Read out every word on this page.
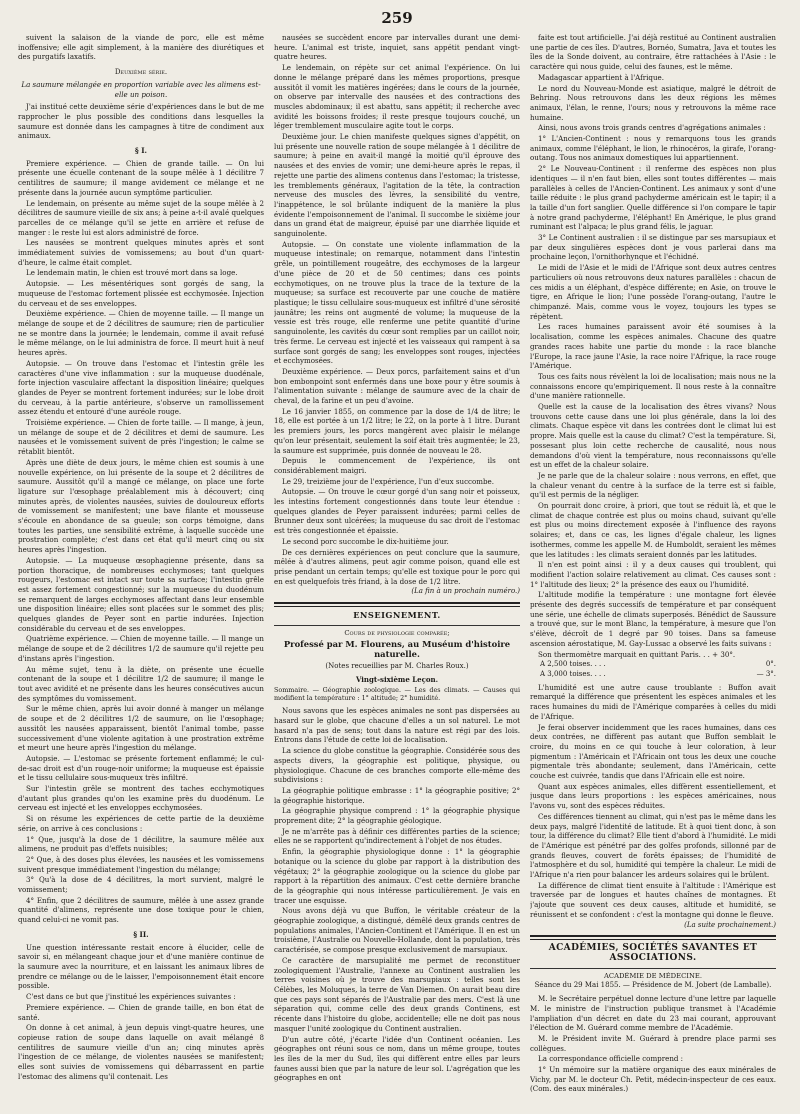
259

suivent la salaison de la viande de porc, elle est même inoffensive; elle agit simplement, à la manière des diurétiques et des purgatifs laxatifs.

Deuxième série.
La saumure mélangée en proportion variable avec les alimens est-elle un poison.

J'ai institué cette deuxième série d'expériences dans le but de me rapprocher le plus possible des conditions dans lesquelles la saumure est donnée dans les campagnes à titre de condiment aux animaux.

§ I.

Premiere expérience. — Chien de grande taille. — On lui présente une écuelle contenant de la soupe mêlée à 1 décilitre 7 centilitres de saumure; il mange avidement ce mélange et ne présente dans la journée aucun symptôme particulier.

Le lendemain, on présente au même sujet de la soupe mêlée à 2 décilitres de saumure vieille de six ans; à peine a-t-il avalé quelques parcelles de ce mélange qu'il se jette en arrière et refuse de manger : le reste lui est alors administré de force.

Les nausées se montrent quelques minutes après et sont immédiatement suivies de vomissemens; au bout d'un quart-d'heure, le calme était complet.

Le lendemain matin, le chien est trouvé mort dans sa loge.

Autopsie. — Les mésentériques sont gorgés de sang, la muqueuse de l'estomac fortement plissée est ecchymosée. Injection du cerveau et de ses enveloppes.

Deuxième expérience. — Chien de moyenne taille. — Il mange un mélange de soupe et de 2 décilitres de saumure; rien de particulier ne se montre dans la journée; le lendemain, comme il avait refusé le même mélange, on le lui administra de force. Il meurt huit à neuf heures après.

Autopsie. — On trouve dans l'estomac et l'intestin grêle les caractères d'une vive inflammation : sur la muqueuse duodénale, forte injection vasculaire affectant la disposition linéaire; quelques glandes de Peyer se montrent fortement indurées; sur le lobe droit du cerveau, à la partie antérieure, s'observe un ramollissement assez étendu et entouré d'une auréole rouge.

Troisième expérience. — Chien de forte taille. — Il mange, à jeun, un mélange de soupe et de 2 décilitres et demi de saumure. Les nausées et le vomissement suivent de près l'ingestion; le calme se rétablit bientôt.

Après une diète de deux jours, le même chien est soumis à une nouvelle expérience, on lui présente de la soupe et 2 décilitres de saumure. Aussitôt qu'il a mangé ce mélange, on place une forte ligature sur l'œsophage préalablement mis à découvert; cinq minutes après, de violentes nausées, suivies de douloureux efforts de vomissement se manifestent; une bave filante et mousseuse s'écoule en abondance de sa gueule; son corps témoigne, dans toutes les parties, une sensibilité extrême, à laquelle succède une prostration complète; c'est dans cet état qu'il meurt cinq ou six heures après l'ingestion.

Autopsie. — La muqueuse œsophagienne présente, dans sa portion thoracique, de nombreuses ecchymoses; tant quelques rougeurs, l'estomac est intact sur toute sa surface; l'intestin grêle est assez fortement congestionné; sur la muqueuse du duodénum se remarquent de larges ecchymoses affectant dans leur ensemble une disposition linéaire; elles sont placées sur le sommet des plis; quelques glandes de Peyer sont en partie indurées. Injection considérable du cerveau et de ses enveloppes.

Quatrième expérience. — Chien de moyenne taille. — Il mange un mélange de soupe et de 2 décilitres 1/2 de saumure qu'il rejette peu d'instans après l'ingestion.

Au même sujet, tenu à la diète, on présente une écuelle contenant de la soupe et 1 décilitre 1/2 de saumure; il mange le tout avec avidité et ne présente dans les heures consécutives aucun des symptômes du vomissement.

Sur le même chien, après lui avoir donné à manger un mélange de soupe et de 2 décilitres 1/2 de saumure, on lie l'œsophage; aussitôt les nausées apparaissent, bientôt l'animal tombe, passe successivement d'une violente agitation à une prostration extrême et meurt une heure après l'ingestion du mélange.

Autopsie. — L'estomac se présente fortement enflammé; le cul-de-sac droit est d'un rouge-noir uniforme; la muqueuse est épaissie et le tissu cellulaire sous-muqueux très infiltré.

Sur l'intestin grêle se montrent des taches ecchymotiques d'autant plus grandes qu'on les examine près du duodénum. Le cerveau est injecté et les enveloppes ecchymosées.

Si on résume les expériences de cette partie de la deuxième série, on arrive à ces conclusions :

1° Que, jusqu'à la dose de 1 décilitre, la saumure mêlée aux alimens, ne produit pas d'effets nuisibles;

2° Que, à des doses plus élevées, les nausées et les vomissemens suivent presque immédiatement l'ingestion du mélange;

3° Qu'à la dose de 4 décilitres, la mort survient, malgré le vomissement;

4° Enfin, que 2 décilitres de saumure, mêlée à une assez grande quantité d'alimens, représente une dose toxique pour le chien, quand celui-ci ne vomit pas.

§ II.

Une question intéressante restait encore à élucider, celle de savoir si, en mélangeant chaque jour et d'une manière continue de la saumure avec la nourriture, et en laissant les animaux libres de prendre ce mélange ou de le laisser, l'empoisonnement était encore possible.

C'est dans ce but que j'institué les expériences suivantes :

Premiere expérience. — Chien de grande taille, en bon état de santé.

On donne à cet animal, à jeun depuis vingt-quatre heures, une copieuse ration de soupe dans laquelle on avait mélangé 8 centilitres de saumure vieille d'un an; cinq minutes après l'ingestion de ce mélange, de violentes nausées se manifestent; elles sont suivies de vomissemens qui débarrassent en partie l'estomac des alimens qu'il contenait. Les

nausées se succèdent encore par intervalles durant une demi-heure. L'animal est triste, inquiet, sans appétit pendant vingt-quatre heures.

Le lendemain, on répète sur cet animal l'expérience. On lui donne le mélange préparé dans les mêmes proportions, presque aussitôt il vomit les matières ingérées; dans le cours de la journée, on observe par intervalle des nausées et des contractions des muscles abdominaux; il est abattu, sans appétit; il recherche avec avidité les boissons froides; il reste presque toujours couché, un léger tremblement musculaire agite tout le corps.

Deuxième jour. Le chien manifeste quelques signes d'appétit, on lui présente une nouvelle ration de soupe mélangée à 1 décilitre de saumure; à peine en avait-il mangé la moitié qu'il éprouve des nausées et des envies de vomir; une demi-heure après le repas, il rejette une partie des alimens contenus dans l'estomac; la tristesse, les tremblements généraux, l'agitation de la tête, la contraction nerveuse des muscles des lèvres, la sensibilité du ventre, l'inappétence, le sol brûlante indiquent de la manière la plus évidente l'empoisonnement de l'animal. Il succombe le sixième jour dans un grand état de maigreur, épuisé par une diarrhée liquide et sanguinolente.

Autopsie. — On constate une violente inflammation de la muqueuse intestinale; on remarque, notamment dans l'intestin grêle, un pointillement rougeâtre, des ecchymoses de la largeur d'une pièce de 20 et de 50 centimes; dans ces points ecchymotiques, on ne trouve plus la trace de la texture de la muqueuse; sa surface est recouverte par une couche de matière plastique; le tissu cellulaire sous-muqueux est infiltré d'une sérosité jaunâtre; les reins ont augmenté de volume; la muqueuse de la vessie est très rouge, elle renferme une petite quantité d'urine sanguinolente, les cavités du cœur sont remplies par un caillot noir, très ferme. Le cerveau est injecté et les vaisseaux qui rampent à sa surface sont gorgés de sang; les enveloppes sont rouges, injectées et ecchymosées.

Deuxième expérience. — Deux porcs, parfaitement sains et d'un bon embonpoint sont enfermés dans une boxe pour y être soumis à l'alimentation suivante : mélange de saumure avec de la chair de cheval, de la farine et un peu d'avoine.

Le 16 janvier 1855, on commence par la dose de 1/4 de litre; le 18, elle est portée à un 1/2 litre; le 22, on la porte à 1 litre. Durant les premiers jours, les porcs mangèrent avec plaisir le mélange qu'on leur présentait, seulement la soif était très augmentée; le 23, la saumure est supprimée, puis donnée de nouveau le 28.

Depuis le commencement de l'expérience, ils ont considérablement maigri.

Le 29, treizième jour de l'expérience, l'un d'eux succombe.

Autopsie. — On trouve le cœur gorgé d'un sang noir et poisseux, les intestins fortement congestionnés dans toute leur étendue : quelques glandes de Peyer paraissent indurées; parmi celles de Brunner deux sont ulcérées; la muqueuse du sac droit de l'estomac est très congestionnée et épaissie.

Le second porc succombe le dix-huitième jour.

De ces dernières expériences on peut conclure que la saumure, mêlée à d'autres alimens, peut agir comme poison, quand elle est prise pendant un certain temps; qu'elle est toxique pour le porc qui en est quelquefois très friand, à la dose de 1/2 litre.

(La fin à un prochain numéro.)
ENSEIGNEMENT.
Cours de physiologie comparée;
Professé par M. Flourens, au Muséum d'histoire naturelle.
(Notes recueillies par M. Charles Roux.)
Vingt-sixième Leçon.
Sommaire. — Géographie zoologique. — Les des climats. — Causes qui modifient la température : 1° altitude; 2° humidité.

Nous savons que les espèces animales ne sont pas dispersées au hasard sur le globe, que chacune d'elles a un sol naturel. Le mot hasard n'a pas de sens; tout dans la nature est régi par des lois. Entrons dans l'étude de cette loi de localisation.

La science du globe constitue la géographie. Considérée sous des aspects divers, la géographie est politique, physique, ou physiologique. Chacune de ces branches comporte elle-même des subdivisions :

La géographie politique embrasse : 1° la géographie positive; 2° la géographie historique.

La géographie physique comprend : 1° la géographie physique proprement dite; 2° la géographie géologique.

Je ne m'arrête pas à définir ces différentes parties de la science; elles ne se rapportent qu'indirectement à l'objet de nos études.

Enfin, la géographie physiologique donne : 1° la géographie botanique ou la science du globe par rapport à la distribution des végétaux; 2° la géographie zoologique ou la science du globe par rapport à la répartition des animaux. C'est cette dernière branche de la géographie qui nous intéresse particulièrement. Je vais en tracer une esquisse.

Nous avons déjà vu que Buffon, le véritable créateur de la géographie zoologique, a distingué, démêlé deux grands centres de populations animales, l'Ancien-Continent et l'Amérique. Il en est un troisième, l'Australie ou Nouvelle-Hollande, dont la population, très caractérisée, se compose presque exclusivement de marsupiaux.

Ce caractère de marsupialité me permet de reconstituer zoologiquement l'Australie, l'annexe au Continent australien les terres voisines où je trouve des marsupiaux : telles sont les Célèbes, les Moluques, la terre de Van Diemen. On aurait beau dire que ces pays sont séparés de l'Australie par des mers. C'est là une séparation qui, comme celle des deux grands Continens, est récente dans l'histoire du globe, accidentelle; elle ne doit pas nous masquer l'unité zoologique du Continent australien.

D'un autre côté, j'écarte l'idée d'un Continent océanien. Les géographes ont réuni sous ce nom, dans un même groupe, toutes les îles de la mer du Sud, îles qui diffèrent entre elles par leurs faunes aussi bien que par la nature de leur sol. L'agrégation que les géographes en ont

faite est tout artificielle. J'ai déjà restitué au Continent australien une partie de ces îles. D'autres, Bornéo, Sumatra, Java et toutes les îles de la Sonde doivent, au contraire, être rattachées à l'Asie : le caractère qui nous guide, celui des faunes, est le même.

Madagascar appartient à l'Afrique.

Le nord du Nouveau-Monde est asiatique, malgré le détroit de Behring. Nous retrouvons dans les deux régions les mêmes animaux, l'élan, le renne, l'ours; nous y retrouvons la même race humaine.

Ainsi, nous avons trois grands centres d'agrégations animales :

1° L'Ancien-Continent : nous y remarquons tous les grands animaux, comme l'éléphant, le lion, le rhinocéros, la girafe, l'orang-outang. Tous nos animaux domestiques lui appartiennent.

2° Le Nouveau-Continent : il renferme des espèces non plus identiques — il n'en faut bien, elles sont toutes différentes — mais parallèles à celles de l'Ancien-Continent. Les animaux y sont d'une taille réduite : le plus grand pachyderme américain est le tapir; il a la taille d'un fort sanglier. Quelle différence si l'on compare le tapir à notre grand pachyderme, l'éléphant! En Amérique, le plus grand ruminant est l'alpaca; le plus grand félis, le jaguar.

3° Le Continent australien : il se distingue par ses marsupiaux et par deux singulières espèces dont je vous parlerai dans ma prochaine leçon, l'ornithorhynque et l'échidné.

Le midi de l'Asie et le midi de l'Afrique sont deux autres centres particuliers où nous retrouvons deux natures parallèles : chacun de ces midis a un éléphant, d'espèce différente; en Asie, on trouve le tigre, en Afrique le lion; l'une possède l'orang-outang, l'autre le chimpanzé. Mais, comme vous le voyez, toujours les types se répètent.

Les races humaines paraissent avoir été soumises à la localisation, comme les espèces animales. Chacune des quatre grandes races habite une partie du monde : la race blanche l'Europe, la race jaune l'Asie, la race noire l'Afrique, la race rouge l'Amérique.

Tous ces faits nous révèlent la loi de localisation; mais nous ne la connaissons encore qu'empiriquement. Il nous reste à la connaître d'une manière rationnelle.

Quelle est la cause de la localisation des êtres vivans? Nous trouvons cette cause dans une loi plus générale, dans la loi des climats. Chaque espèce vit dans les contrées dont le climat lui est propre. Mais quelle est la cause du climat? C'est la température. Si, possesant plus loin cette recherche de causalité, nous nous demandons d'où vient la température, nous reconnaissons qu'elle est un effet de la chaleur solaire.

Je ne parle que de la chaleur solaire : nous verrons, en effet, que la chaleur venant du centre à la surface de la terre est si faible, qu'il est permis de la négliger.

On pourrait donc croire, à priori, que tout se réduit là, et que le climat de chaque contrée est plus ou moins chaud, suivant qu'elle est plus ou moins directement exposée à l'influence des rayons solaires; et, dans ce cas, les lignes d'égale chaleur, les lignes isothermes, comme les appelle M. de Humboldt, seraient les mêmes que les latitudes : les climats seraient donnés par les latitudes.

Il n'en est point ainsi : il y a deux causes qui troublent, qui modifient l'action solaire relativement au climat. Ces causes sont : 1° l'altitude des lieux; 2° la présence des eaux ou l'humidité.

L'altitude modifie la température : une montagne fort élevée présente des degrés successifs de température et par conséquent une série, une échelle de climats superposés. Bénédict de Saussure a trouvé que, sur le mont Blanc, la température, à mesure que l'on s'élève, décroît de 1 degré par 90 toises. Dans sa fameuse ascension aérostatique, M. Gay-Lussac a observé les faits suivans :

Son thermomètre marquait en quittant Paris. . . + 30°.

A 2,500 toises. . . .	0°.
A 3,000 toises. . . .	— 3°.

L'humidité est une autre cause troublante : Buffon avait remarqué la différence que présentent les espèces animales et les races humaines du midi de l'Amérique comparées à celles du midi de l'Afrique.

Je ferai observer incidemment que les races humaines, dans ces deux contrées, ne diffèrent pas autant que Buffon semblait le croire, du moins en ce qui touche à leur coloration, à leur pigmentum : l'Américain et l'Africain ont tous les deux une couche pigmentale très abondante; seulement, dans l'Américain, cette couche est cuivrée, tandis que dans l'Africain elle est noire.

Quant aux espèces animales, elles diffèrent essentiellement, et jusque dans leurs proportions : les espèces américaines, nous l'avons vu, sont des espèces réduites.

Ces différences tiennent au climat, qui n'est pas le même dans les deux pays, malgré l'identité de latitude. Et à quoi tient donc, à son tour, la différence du climat? Elle tient d'abord à l'humidité. Le midi de l'Amérique est pénétré par des golfes profonds, sillonné par de grands fleuves, couvert de forêts épaisses; de l'humidité de l'atmosphère et du sol, humidité qui tempère la chaleur. Le midi de l'Afrique n'a rien pour balancer les ardeurs solaires qui le brûlent.

La différence de climat tient ensuite à l'altitude : l'Amérique est traversée par de longues et hautes chaînes de montagnes. Et j'ajoute que souvent ces deux causes, altitude et humidité, se réunissent et se confondent : c'est la montagne qui donne le fleuve.

(La suite prochainement.)
ACADÉMIES, SOCIÉTÉS SAVANTES ET ASSOCIATIONS.
ACADÉMIE DE MÉDECINE.
Séance du 29 Mai 1855. — Présidence de M. Jobert (de Lamballe).

M. le Secrétaire perpétuel donne lecture d'une lettre par laquelle M. le ministre de l'instruction publique transmet à l'Académie l'ampliation d'un décret en date du 23 mai courant, approuvant l'élection de M. Guérard comme membre de l'Académie.

M. le Président invite M. Guérard à prendre place parmi ses collègues.

La correspondance officielle comprend :

1° Un mémoire sur la matière organique des eaux minérales de Vichy, par M. le docteur Ch. Petit, médecin-inspecteur de ces eaux. (Com. des eaux minérales.)
